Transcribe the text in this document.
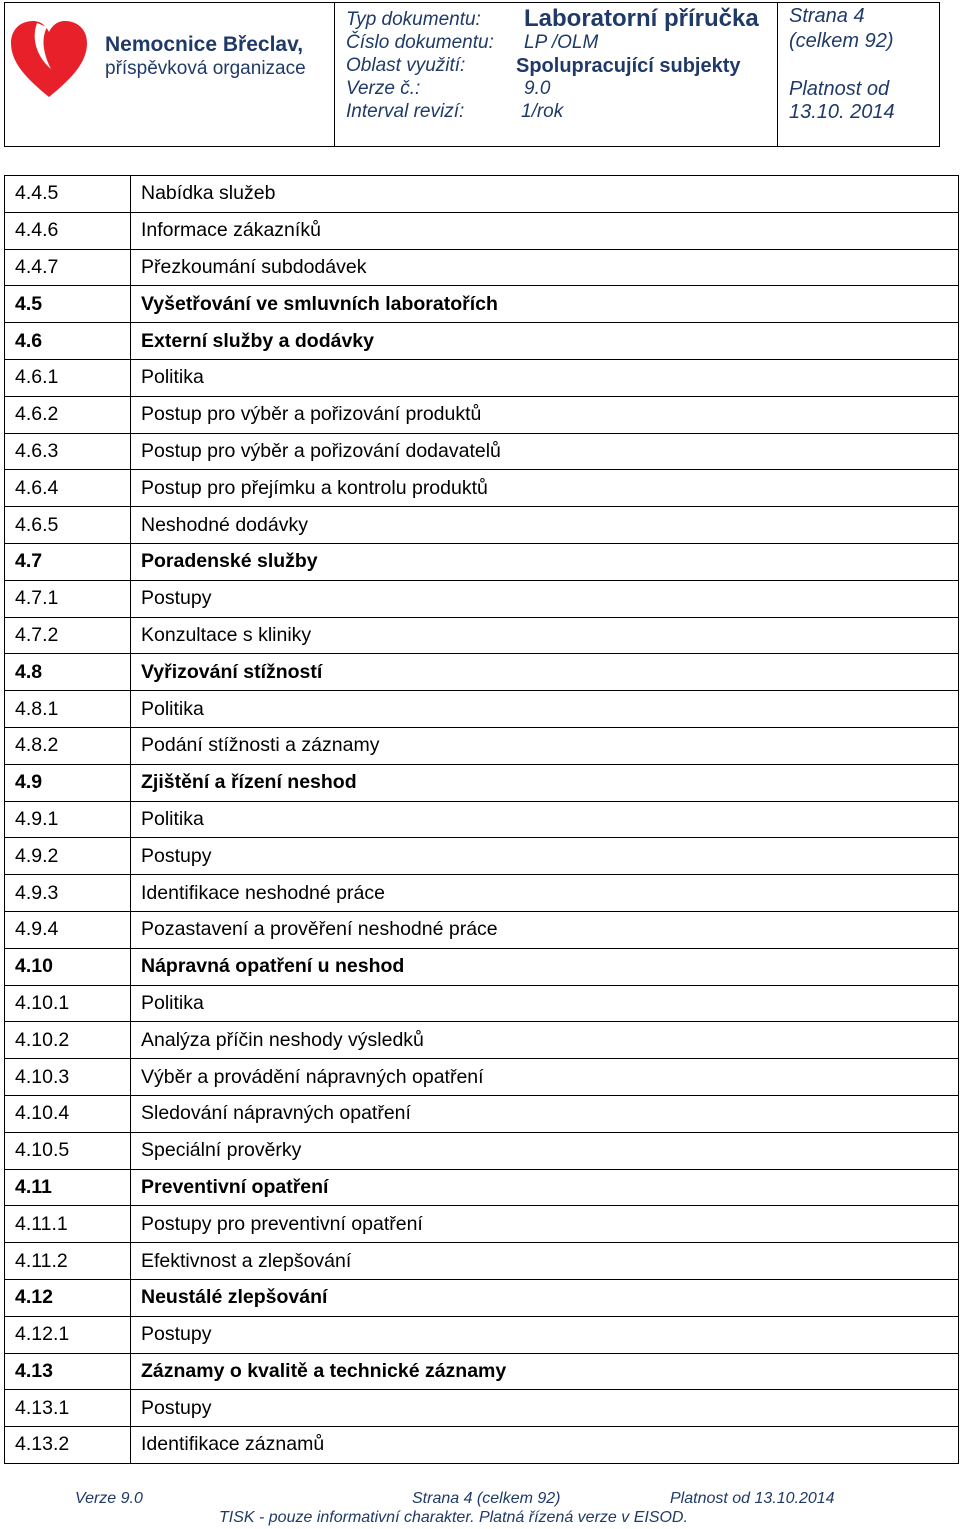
Nemocnice Břeclav,
příspěvková organizace
Typ dokumentu: Laboratorní příručka
Číslo dokumentu: LP /OLM
Oblast využití:	Spolupracující subjekty
Verze č.:	9.0
Interval revizí:	1/rok
Strana 4
(celkem 92)
Platnost od
13.10. 2014
4.4.5	Nabídka služeb
4.4.6	Informace zákazníků
4.4.7	Přezkoumání subdodávek
4.5	Vyšetřování ve smluvních laboratořích
4.6	Externí služby a dodávky
4.6.1	Politika
4.6.2	Postup pro výběr a pořizování produktů
4.6.3	Postup pro výběr a pořizování dodavatelů
4.6.4	Postup pro přejímku a kontrolu produktů
4.6.5	Neshodné dodávky
4.7	Poradenské služby
4.7.1	Postupy
4.7.2	Konzultace s kliniky
4.8	Vyřizování stížností
4.8.1	Politika
4.8.2	Podání stížnosti a záznamy
4.9	Zjištění a řízení neshod
4.9.1	Politika
4.9.2	Postupy
4.9.3	Identifikace neshodné práce
4.9.4	Pozastavení a prověření neshodné práce
4.10	Nápravná opatření u neshod
4.10.1	Politika
4.10.2	Analýza příčin neshody výsledků
4.10.3	Výběr a provádění nápravných opatření
4.10.4	Sledování nápravných opatření
4.10.5	Speciální prověrky
4.11	Preventivní opatření
4.11.1	Postupy pro preventivní opatření
4.11.2	Efektivnost a zlepšování
4.12	Neustálé zlepšování
4.12.1	Postupy
4.13	Záznamy o kvalitě a technické záznamy
4.13.1	Postupy
4.13.2	Identifikace záznamů
Verze 9.0	Strana 4 (celkem 92)	Platnost od 13.10.2014
TISK - pouze informativní charakter. Platná řízená verze v EISOD.
